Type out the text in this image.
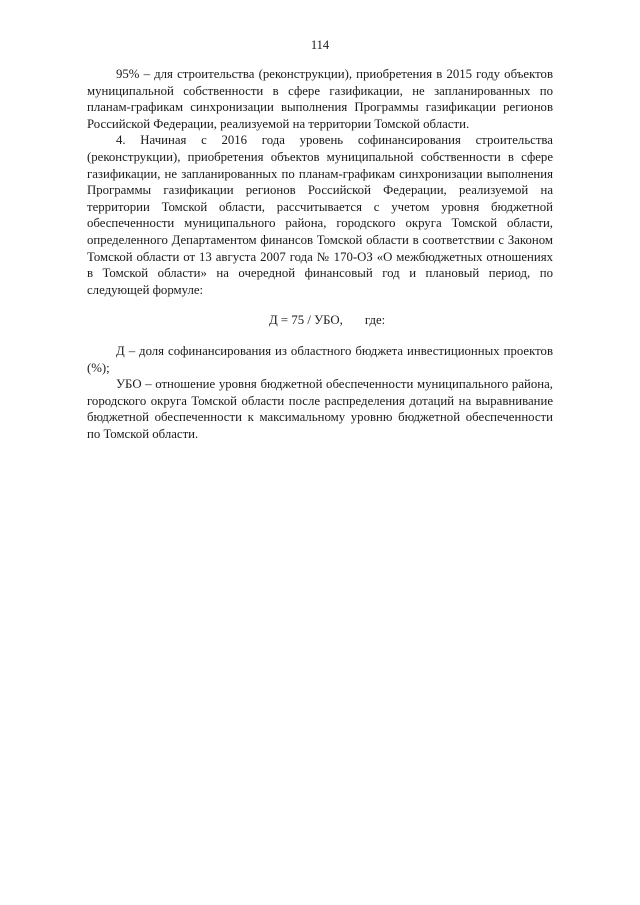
114

95% – для строительства (реконструкции), приобретения в 2015 году объектов муниципальной собственности в сфере газификации, не запланированных по планам-графикам синхронизации выполнения Программы газификации регионов Российской Федерации, реализуемой на территории Томской области.

4. Начиная с 2016 года уровень софинансирования строительства (реконструкции), приобретения объектов муниципальной собственности в сфере газификации, не запланированных по планам-графикам синхронизации выполнения Программы газификации регионов Российской Федерации, реализуемой на территории Томской области, рассчитывается с учетом уровня бюджетной обеспеченности муниципального района, городского округа Томской области, определенного Департаментом финансов Томской области в соответствии с Законом Томской области от 13 августа 2007 года № 170-ОЗ «О межбюджетных отношениях в Томской области» на очередной финансовый год и плановый период, по следующей формуле:

Д = 75 / УБО, где:

Д – доля софинансирования из областного бюджета инвестиционных проектов (%);

УБО – отношение уровня бюджетной обеспеченности муниципального района, городского округа Томской области после распределения дотаций на выравнивание бюджетной обеспеченности к максимальному уровню бюджетной обеспеченности по Томской области.
